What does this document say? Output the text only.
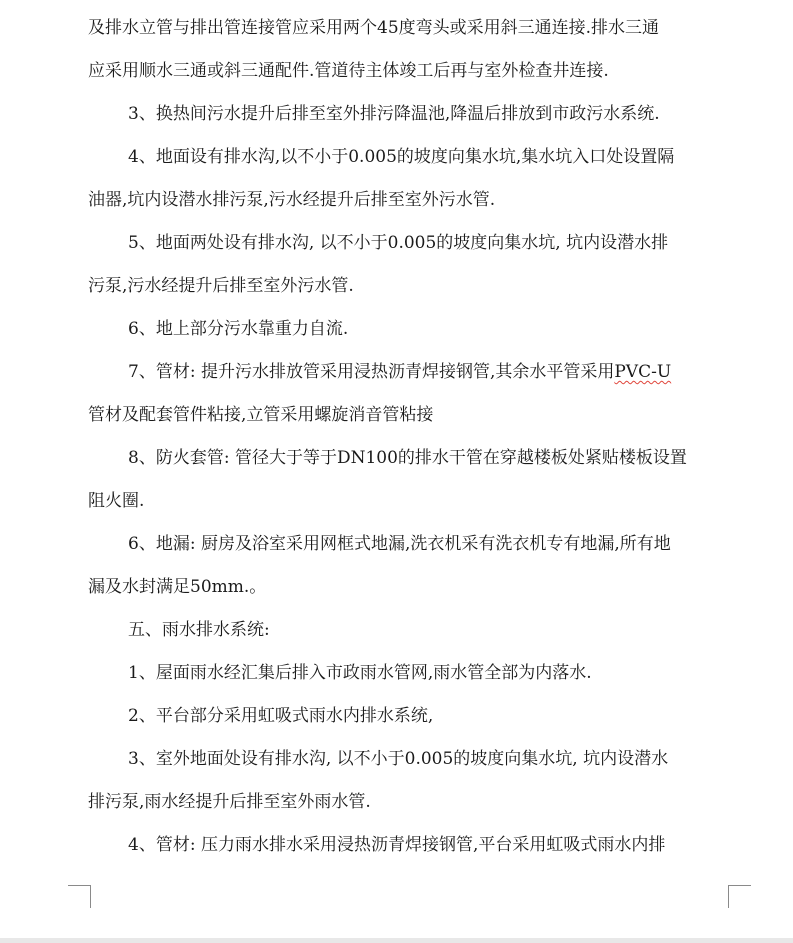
及排水立管与排出管连接管应采用两个45度弯头或采用斜三通连接.排水三通
应采用顺水三通或斜三通配件.管道待主体竣工后再与室外检查井连接.
3、换热间污水提升后排至室外排污降温池,降温后排放到市政污水系统.
4、地面设有排水沟,以不小于0.005的坡度向集水坑,集水坑入口处设置隔
油器,坑内设潜水排污泵,污水经提升后排至室外污水管.
5、地面两处设有排水沟, 以不小于0.005的坡度向集水坑, 坑内设潜水排
污泵,污水经提升后排至室外污水管.
6、地上部分污水靠重力自流.
7、管材: 提升污水排放管采用浸热沥青焊接钢管,其余水平管采用PVC-U
管材及配套管件粘接,立管采用螺旋消音管粘接
8、防火套管: 管径大于等于DN100的排水干管在穿越楼板处紧贴楼板设置
阻火圈.
6、地漏: 厨房及浴室采用网框式地漏,洗衣机采有洗衣机专有地漏,所有地
漏及水封满足50mm.。
五、雨水排水系统:
1、屋面雨水经汇集后排入市政雨水管网,雨水管全部为内落水.
2、平台部分采用虹吸式雨水内排水系统,
3、室外地面处设有排水沟, 以不小于0.005的坡度向集水坑, 坑内设潜水
排污泵,雨水经提升后排至室外雨水管.
4、管材: 压力雨水排水采用浸热沥青焊接钢管,平台采用虹吸式雨水内排
